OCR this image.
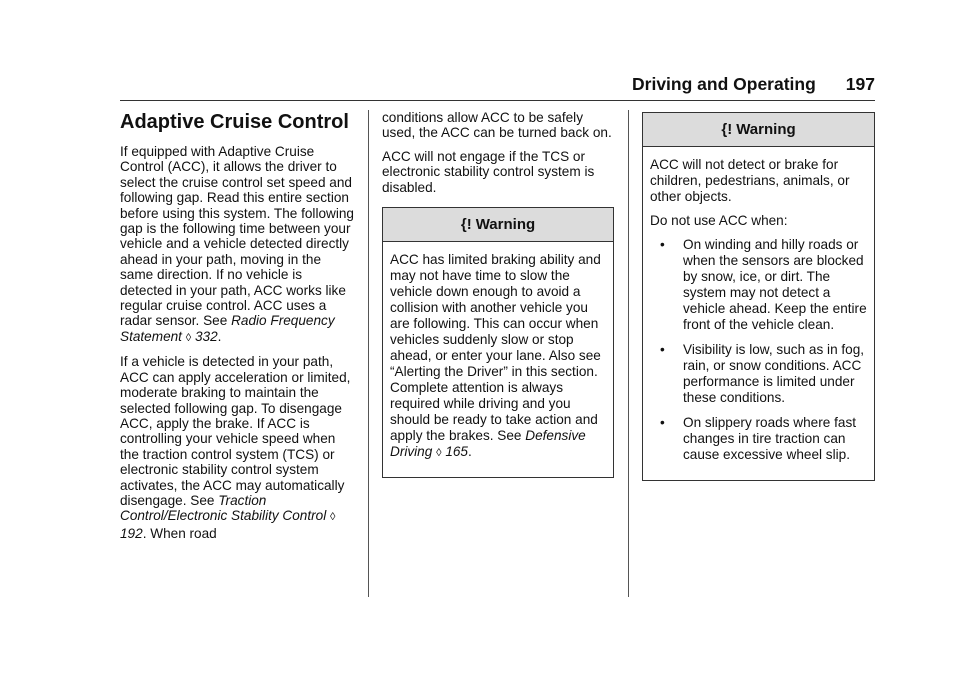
Driving and Operating 197
Adaptive Cruise Control

If equipped with Adaptive Cruise Control (ACC), it allows the driver to select the cruise control set speed and following gap. Read this entire section before using this system. The following gap is the following time between your vehicle and a vehicle detected directly ahead in your path, moving in the same direction. If no vehicle is detected in your path, ACC works like regular cruise control. ACC uses a radar sensor. See Radio Frequency Statement ◊ 332.

If a vehicle is detected in your path, ACC can apply acceleration or limited, moderate braking to maintain the selected following gap. To disengage ACC, apply the brake. If ACC is controlling your vehicle speed when the traction control system (TCS) or electronic stability control system activates, the ACC may automatically disengage. See Traction Control/Electronic Stability Control ◊ 192. When road

conditions allow ACC to be safely used, the ACC can be turned back on.

ACC will not engage if the TCS or electronic stability control system is disabled.

{! Warning

ACC has limited braking ability and may not have time to slow the vehicle down enough to avoid a collision with another vehicle you are following. This can occur when vehicles suddenly slow or stop ahead, or enter your lane. Also see “Alerting the Driver” in this section. Complete attention is always required while driving and you should be ready to take action and apply the brakes. See Defensive Driving ◊ 165.

{! Warning

ACC will not detect or brake for children, pedestrians, animals, or other objects.

Do not use ACC when:

• On winding and hilly roads or when the sensors are blocked by snow, ice, or dirt. The system may not detect a vehicle ahead. Keep the entire front of the vehicle clean.
• Visibility is low, such as in fog, rain, or snow conditions. ACC performance is limited under these conditions.
• On slippery roads where fast changes in tire traction can cause excessive wheel slip.
